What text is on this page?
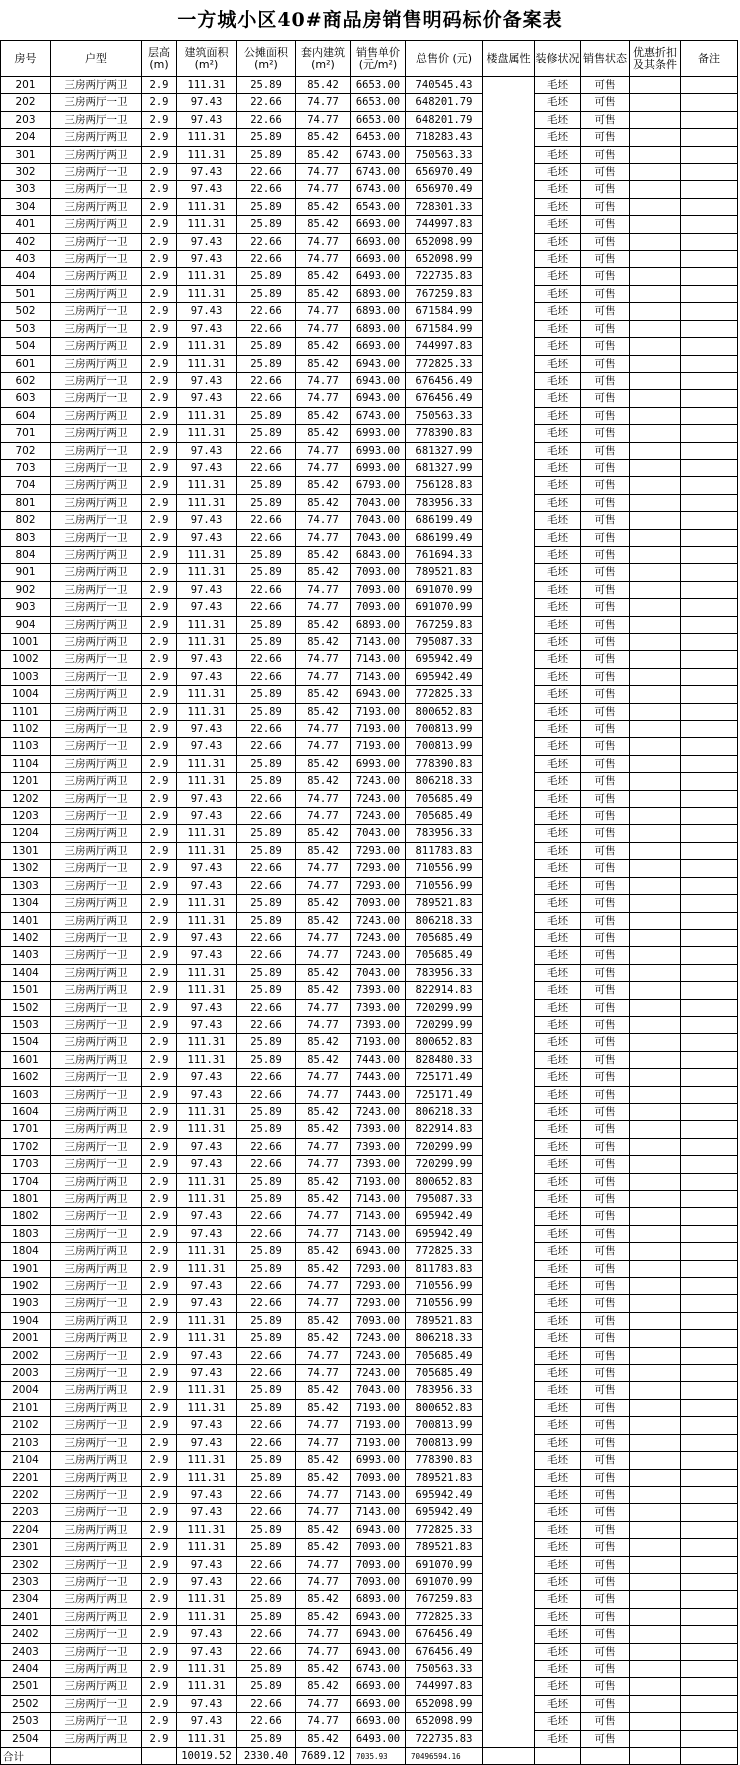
一方城小区40#商品房销售明码标价备案表
房号	户型	层高 (m)	建筑面积 (m²)	公摊面积 (m²)	套内建筑 (m²)	销售单价 (元/m²)	总售价 (元)	楼盘属性	装修状况	销售状态	优惠折扣及其条件	备注
201	三房两厅两卫	2.9	111.31	25.89	85.42	6653.00	740545.43		毛坯	可售		
202	三房两厅一卫	2.9	97.43	22.66	74.77	6653.00	648201.79		毛坯	可售		
203	三房两厅一卫	2.9	97.43	22.66	74.77	6653.00	648201.79		毛坯	可售		
204	三房两厅两卫	2.9	111.31	25.89	85.42	6453.00	718283.43		毛坯	可售		
301	三房两厅两卫	2.9	111.31	25.89	85.42	6743.00	750563.33		毛坯	可售		
302	三房两厅一卫	2.9	97.43	22.66	74.77	6743.00	656970.49		毛坯	可售		
303	三房两厅一卫	2.9	97.43	22.66	74.77	6743.00	656970.49		毛坯	可售		
304	三房两厅两卫	2.9	111.31	25.89	85.42	6543.00	728301.33		毛坯	可售		
401	三房两厅两卫	2.9	111.31	25.89	85.42	6693.00	744997.83		毛坯	可售		
402	三房两厅一卫	2.9	97.43	22.66	74.77	6693.00	652098.99		毛坯	可售		
403	三房两厅一卫	2.9	97.43	22.66	74.77	6693.00	652098.99		毛坯	可售		
404	三房两厅两卫	2.9	111.31	25.89	85.42	6493.00	722735.83		毛坯	可售		
501	三房两厅两卫	2.9	111.31	25.89	85.42	6893.00	767259.83		毛坯	可售		
502	三房两厅一卫	2.9	97.43	22.66	74.77	6893.00	671584.99		毛坯	可售		
503	三房两厅一卫	2.9	97.43	22.66	74.77	6893.00	671584.99		毛坯	可售		
504	三房两厅两卫	2.9	111.31	25.89	85.42	6693.00	744997.83		毛坯	可售		
601	三房两厅两卫	2.9	111.31	25.89	85.42	6943.00	772825.33		毛坯	可售		
602	三房两厅一卫	2.9	97.43	22.66	74.77	6943.00	676456.49		毛坯	可售		
603	三房两厅一卫	2.9	97.43	22.66	74.77	6943.00	676456.49		毛坯	可售		
604	三房两厅两卫	2.9	111.31	25.89	85.42	6743.00	750563.33		毛坯	可售		
701	三房两厅两卫	2.9	111.31	25.89	85.42	6993.00	778390.83		毛坯	可售		
702	三房两厅一卫	2.9	97.43	22.66	74.77	6993.00	681327.99		毛坯	可售		
703	三房两厅一卫	2.9	97.43	22.66	74.77	6993.00	681327.99		毛坯	可售		
704	三房两厅两卫	2.9	111.31	25.89	85.42	6793.00	756128.83		毛坯	可售		
801	三房两厅两卫	2.9	111.31	25.89	85.42	7043.00	783956.33		毛坯	可售		
802	三房两厅一卫	2.9	97.43	22.66	74.77	7043.00	686199.49		毛坯	可售		
803	三房两厅一卫	2.9	97.43	22.66	74.77	7043.00	686199.49		毛坯	可售		
804	三房两厅两卫	2.9	111.31	25.89	85.42	6843.00	761694.33		毛坯	可售		
901	三房两厅两卫	2.9	111.31	25.89	85.42	7093.00	789521.83		毛坯	可售		
902	三房两厅一卫	2.9	97.43	22.66	74.77	7093.00	691070.99		毛坯	可售		
903	三房两厅一卫	2.9	97.43	22.66	74.77	7093.00	691070.99		毛坯	可售		
904	三房两厅两卫	2.9	111.31	25.89	85.42	6893.00	767259.83		毛坯	可售		
1001	三房两厅两卫	2.9	111.31	25.89	85.42	7143.00	795087.33		毛坯	可售		
1002	三房两厅一卫	2.9	97.43	22.66	74.77	7143.00	695942.49		毛坯	可售		
1003	三房两厅一卫	2.9	97.43	22.66	74.77	7143.00	695942.49		毛坯	可售		
1004	三房两厅两卫	2.9	111.31	25.89	85.42	6943.00	772825.33		毛坯	可售		
1101	三房两厅两卫	2.9	111.31	25.89	85.42	7193.00	800652.83		毛坯	可售		
1102	三房两厅一卫	2.9	97.43	22.66	74.77	7193.00	700813.99		毛坯	可售		
1103	三房两厅一卫	2.9	97.43	22.66	74.77	7193.00	700813.99		毛坯	可售		
1104	三房两厅两卫	2.9	111.31	25.89	85.42	6993.00	778390.83		毛坯	可售		
1201	三房两厅两卫	2.9	111.31	25.89	85.42	7243.00	806218.33		毛坯	可售		
1202	三房两厅一卫	2.9	97.43	22.66	74.77	7243.00	705685.49		毛坯	可售		
1203	三房两厅一卫	2.9	97.43	22.66	74.77	7243.00	705685.49		毛坯	可售		
1204	三房两厅两卫	2.9	111.31	25.89	85.42	7043.00	783956.33		毛坯	可售		
1301	三房两厅两卫	2.9	111.31	25.89	85.42	7293.00	811783.83		毛坯	可售		
1302	三房两厅一卫	2.9	97.43	22.66	74.77	7293.00	710556.99		毛坯	可售		
1303	三房两厅一卫	2.9	97.43	22.66	74.77	7293.00	710556.99		毛坯	可售		
1304	三房两厅两卫	2.9	111.31	25.89	85.42	7093.00	789521.83		毛坯	可售		
1401	三房两厅两卫	2.9	111.31	25.89	85.42	7243.00	806218.33		毛坯	可售		
1402	三房两厅一卫	2.9	97.43	22.66	74.77	7243.00	705685.49		毛坯	可售		
1403	三房两厅一卫	2.9	97.43	22.66	74.77	7243.00	705685.49		毛坯	可售		
1404	三房两厅两卫	2.9	111.31	25.89	85.42	7043.00	783956.33		毛坯	可售		
1501	三房两厅两卫	2.9	111.31	25.89	85.42	7393.00	822914.83		毛坯	可售		
1502	三房两厅一卫	2.9	97.43	22.66	74.77	7393.00	720299.99		毛坯	可售		
1503	三房两厅一卫	2.9	97.43	22.66	74.77	7393.00	720299.99		毛坯	可售		
1504	三房两厅两卫	2.9	111.31	25.89	85.42	7193.00	800652.83		毛坯	可售		
1601	三房两厅两卫	2.9	111.31	25.89	85.42	7443.00	828480.33		毛坯	可售		
1602	三房两厅一卫	2.9	97.43	22.66	74.77	7443.00	725171.49		毛坯	可售		
1603	三房两厅一卫	2.9	97.43	22.66	74.77	7443.00	725171.49		毛坯	可售		
1604	三房两厅两卫	2.9	111.31	25.89	85.42	7243.00	806218.33		毛坯	可售		
1701	三房两厅两卫	2.9	111.31	25.89	85.42	7393.00	822914.83		毛坯	可售		
1702	三房两厅一卫	2.9	97.43	22.66	74.77	7393.00	720299.99		毛坯	可售		
1703	三房两厅一卫	2.9	97.43	22.66	74.77	7393.00	720299.99		毛坯	可售		
1704	三房两厅两卫	2.9	111.31	25.89	85.42	7193.00	800652.83		毛坯	可售		
1801	三房两厅两卫	2.9	111.31	25.89	85.42	7143.00	795087.33		毛坯	可售		
1802	三房两厅一卫	2.9	97.43	22.66	74.77	7143.00	695942.49		毛坯	可售		
1803	三房两厅一卫	2.9	97.43	22.66	74.77	7143.00	695942.49		毛坯	可售		
1804	三房两厅两卫	2.9	111.31	25.89	85.42	6943.00	772825.33		毛坯	可售		
1901	三房两厅两卫	2.9	111.31	25.89	85.42	7293.00	811783.83		毛坯	可售		
1902	三房两厅一卫	2.9	97.43	22.66	74.77	7293.00	710556.99		毛坯	可售		
1903	三房两厅一卫	2.9	97.43	22.66	74.77	7293.00	710556.99		毛坯	可售		
1904	三房两厅两卫	2.9	111.31	25.89	85.42	7093.00	789521.83		毛坯	可售		
2001	三房两厅两卫	2.9	111.31	25.89	85.42	7243.00	806218.33		毛坯	可售		
2002	三房两厅一卫	2.9	97.43	22.66	74.77	7243.00	705685.49		毛坯	可售		
2003	三房两厅一卫	2.9	97.43	22.66	74.77	7243.00	705685.49		毛坯	可售		
2004	三房两厅两卫	2.9	111.31	25.89	85.42	7043.00	783956.33		毛坯	可售		
2101	三房两厅两卫	2.9	111.31	25.89	85.42	7193.00	800652.83		毛坯	可售		
2102	三房两厅一卫	2.9	97.43	22.66	74.77	7193.00	700813.99		毛坯	可售		
2103	三房两厅一卫	2.9	97.43	22.66	74.77	7193.00	700813.99		毛坯	可售		
2104	三房两厅两卫	2.9	111.31	25.89	85.42	6993.00	778390.83		毛坯	可售		
2201	三房两厅两卫	2.9	111.31	25.89	85.42	7093.00	789521.83		毛坯	可售		
2202	三房两厅一卫	2.9	97.43	22.66	74.77	7143.00	695942.49		毛坯	可售		
2203	三房两厅一卫	2.9	97.43	22.66	74.77	7143.00	695942.49		毛坯	可售		
2204	三房两厅两卫	2.9	111.31	25.89	85.42	6943.00	772825.33		毛坯	可售		
2301	三房两厅两卫	2.9	111.31	25.89	85.42	7093.00	789521.83		毛坯	可售		
2302	三房两厅一卫	2.9	97.43	22.66	74.77	7093.00	691070.99		毛坯	可售		
2303	三房两厅一卫	2.9	97.43	22.66	74.77	7093.00	691070.99		毛坯	可售		
2304	三房两厅两卫	2.9	111.31	25.89	85.42	6893.00	767259.83		毛坯	可售		
2401	三房两厅两卫	2.9	111.31	25.89	85.42	6943.00	772825.33		毛坯	可售		
2402	三房两厅一卫	2.9	97.43	22.66	74.77	6943.00	676456.49		毛坯	可售		
2403	三房两厅一卫	2.9	97.43	22.66	74.77	6943.00	676456.49		毛坯	可售		
2404	三房两厅两卫	2.9	111.31	25.89	85.42	6743.00	750563.33		毛坯	可售		
2501	三房两厅两卫	2.9	111.31	25.89	85.42	6693.00	744997.83		毛坯	可售		
2502	三房两厅一卫	2.9	97.43	22.66	74.77	6693.00	652098.99		毛坯	可售		
2503	三房两厅一卫	2.9	97.43	22.66	74.77	6693.00	652098.99		毛坯	可售		
2504	三房两厅两卫	2.9	111.31	25.89	85.42	6493.00	722735.83		毛坯	可售		
合计			10019.52	2330.40	7689.12	7035.93	70496594.16					
